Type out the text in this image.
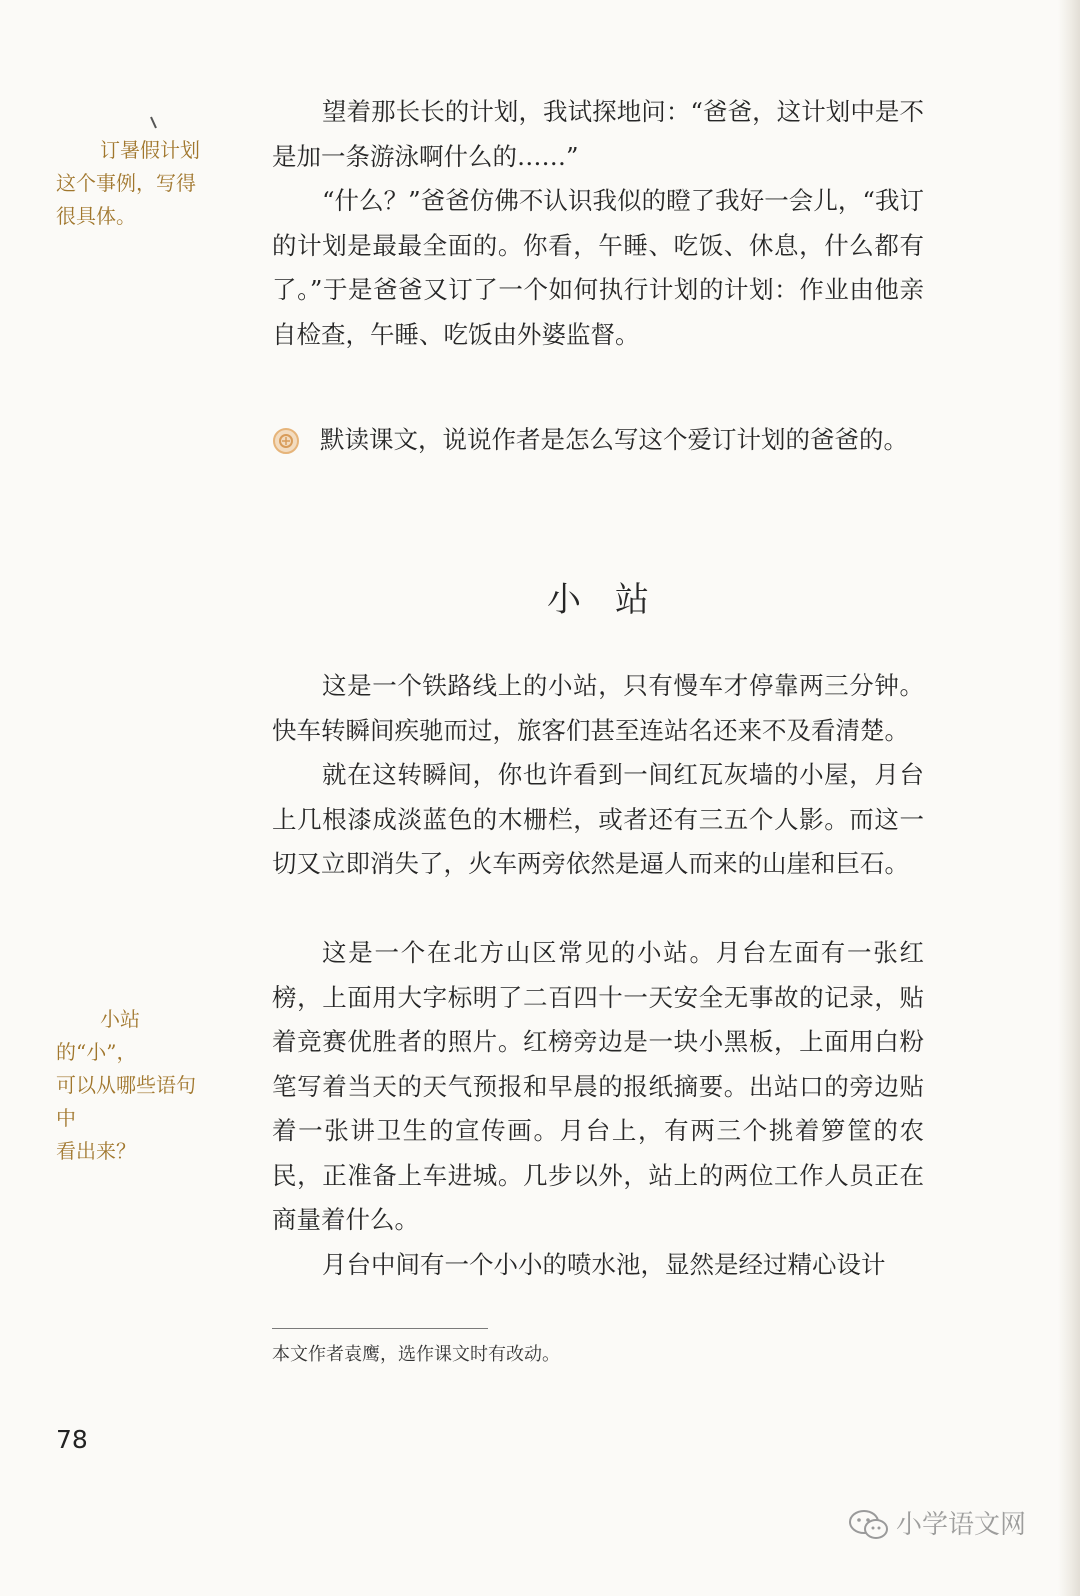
订暑假计划
这个事例，写得
很具体。

望着那长长的计划，我试探地问：“爸爸，这计划中是不是加一条游泳啊什么的……”

“什么？”爸爸仿佛不认识我似的瞪了我好一会儿，“我订的计划是最最全面的。你看，午睡、吃饭、休息，什么都有了。”于是爸爸又订了一个如何执行计划的计划：作业由他亲自检查，午睡、吃饭由外婆监督。

默读课文，说说作者是怎么写这个爱订计划的爸爸的。
小　站

这是一个铁路线上的小站，只有慢车才停靠两三分钟。快车转瞬间疾驰而过，旅客们甚至连站名还来不及看清楚。

就在这转瞬间，你也许看到一间红瓦灰墙的小屋，月台上几根漆成淡蓝色的木栅栏，或者还有三五个人影。而这一切又立即消失了，火车两旁依然是逼人而来的山崖和巨石。

小站的“小”，
可以从哪些语句中
看出来？

这是一个在北方山区常见的小站。月台左面有一张红榜，上面用大字标明了二百四十一天安全无事故的记录，贴着竞赛优胜者的照片。红榜旁边是一块小黑板，上面用白粉笔写着当天的天气预报和早晨的报纸摘要。出站口的旁边贴着一张讲卫生的宣传画。月台上，有两三个挑着箩筐的农民，正准备上车进城。几步以外，站上的两位工作人员正在商量着什么。

月台中间有一个小小的喷水池，显然是经过精心设计

本文作者袁鹰，选作课文时有改动。
78
小学语文网
